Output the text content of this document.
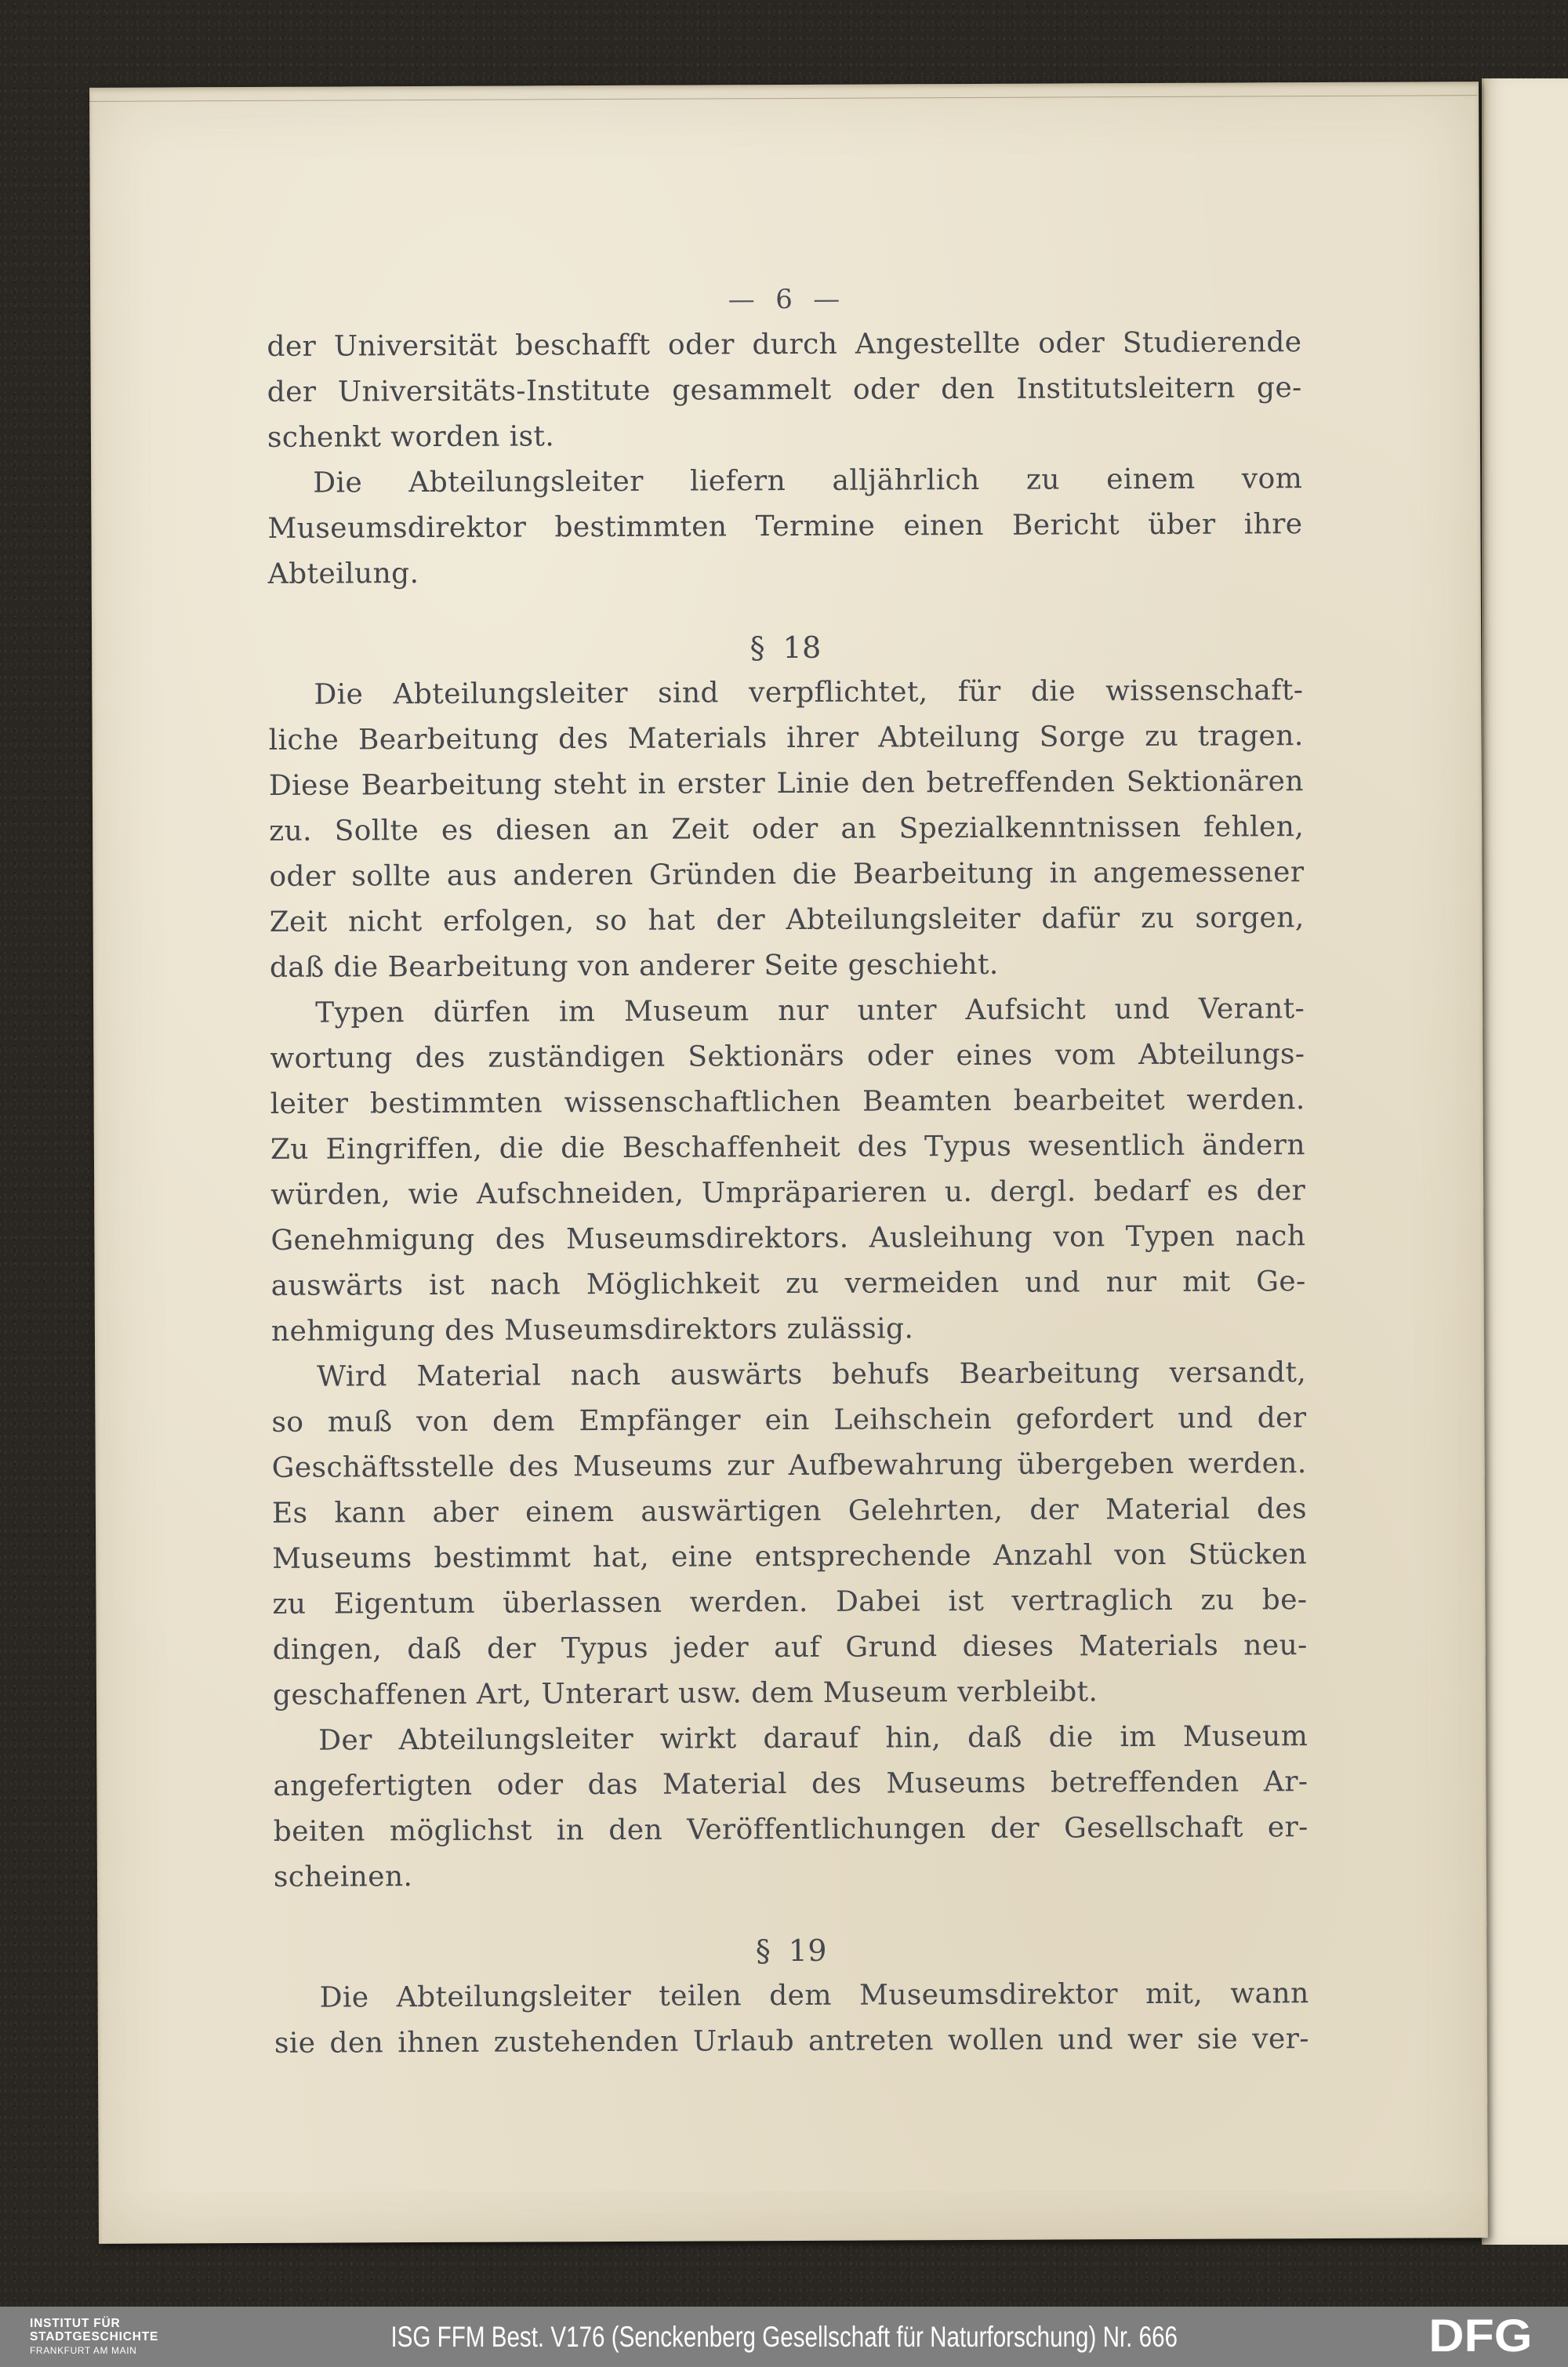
— 6 —
der Universität beschafft oder durch Angestellte oder Studierende
der Universitäts-Institute gesammelt oder den Institutsleitern ge-
schenkt worden ist.
Die Abteilungsleiter liefern alljährlich zu einem vom
Museumsdirektor bestimmten Termine einen Bericht über ihre
Abteilung.
§ 18
Die Abteilungsleiter sind verpflichtet, für die wissenschaft-
liche Bearbeitung des Materials ihrer Abteilung Sorge zu tragen.
Diese Bearbeitung steht in erster Linie den betreffenden Sektionären
zu. Sollte es diesen an Zeit oder an Spezialkenntnissen fehlen,
oder sollte aus anderen Gründen die Bearbeitung in angemessener
Zeit nicht erfolgen, so hat der Abteilungsleiter dafür zu sorgen,
daß die Bearbeitung von anderer Seite geschieht.
Typen dürfen im Museum nur unter Aufsicht und Verant-
wortung des zuständigen Sektionärs oder eines vom Abteilungs-
leiter bestimmten wissenschaftlichen Beamten bearbeitet werden.
Zu Eingriffen, die die Beschaffenheit des Typus wesentlich ändern
würden, wie Aufschneiden, Umpräparieren u. dergl. bedarf es der
Genehmigung des Museumsdirektors. Ausleihung von Typen nach
auswärts ist nach Möglichkeit zu vermeiden und nur mit Ge-
nehmigung des Museumsdirektors zulässig.
Wird Material nach auswärts behufs Bearbeitung versandt,
so muß von dem Empfänger ein Leihschein gefordert und der
Geschäftsstelle des Museums zur Aufbewahrung übergeben werden.
Es kann aber einem auswärtigen Gelehrten, der Material des
Museums bestimmt hat, eine entsprechende Anzahl von Stücken
zu Eigentum überlassen werden. Dabei ist vertraglich zu be-
dingen, daß der Typus jeder auf Grund dieses Materials neu-
geschaffenen Art, Unterart usw. dem Museum verbleibt.
Der Abteilungsleiter wirkt darauf hin, daß die im Museum
angefertigten oder das Material des Museums betreffenden Ar-
beiten möglichst in den Veröffentlichungen der Gesellschaft er-
scheinen.
§ 19
Die Abteilungsleiter teilen dem Museumsdirektor mit, wann
sie den ihnen zustehenden Urlaub antreten wollen und wer sie ver-
INSTITUT FÜR
STADTGESCHICHTE
FRANKFURT AM MAIN	ISG FFM Best. V176 (Senckenberg Gesellschaft für Naturforschung) Nr. 666	DFG
